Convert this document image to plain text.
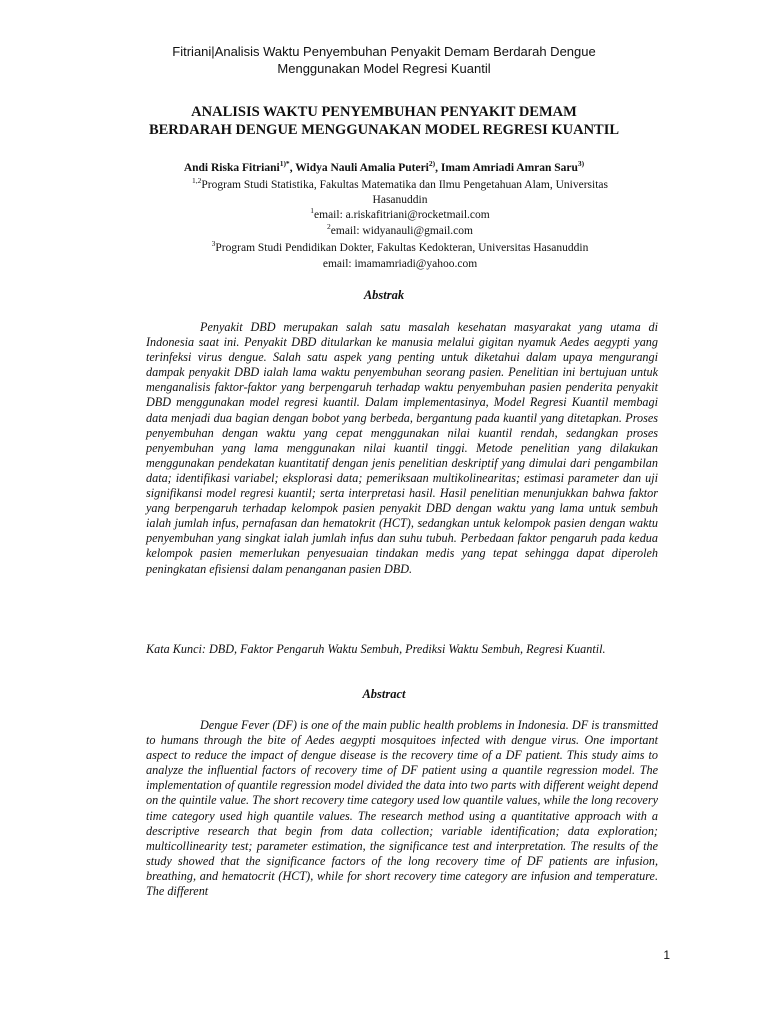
Fitriani|Analisis Waktu Penyembuhan Penyakit Demam Berdarah Dengue
Menggunakan Model Regresi Kuantil
ANALISIS WAKTU PENYEMBUHAN PENYAKIT DEMAM
BERDARAH DENGUE MENGGUNAKAN MODEL REGRESI KUANTIL
Andi Riska Fitriani$^{1)*}$, Widya Nauli Amalia Puteri$^{2)}$, Imam Amriadi Amran Saru$^{3)}$
$^{1,2}$Program Studi Statistika, Fakultas Matematika dan Ilmu Pengetahuan Alam, Universitas
Hasanuddin
$^1$email: a.riskafitriani@rocketmail.com
$^2$email: widyanauli@gmail.com
$^3$Program Studi Pendidikan Dokter, Fakultas Kedokteran, Universitas Hasanuddin
email: imamamriadi@yahoo.com
Abstrak

Penyakit DBD merupakan salah satu masalah kesehatan masyarakat yang utama di Indonesia saat ini. Penyakit DBD ditularkan ke manusia melalui gigitan nyamuk Aedes aegypti yang terinfeksi virus dengue. Salah satu aspek yang penting untuk diketahui dalam upaya mengurangi dampak penyakit DBD ialah lama waktu penyembuhan seorang pasien. Penelitian ini bertujuan untuk menganalisis faktor-faktor yang berpengaruh terhadap waktu penyembuhan pasien penderita penyakit DBD menggunakan model regresi kuantil. Dalam implementasinya, Model Regresi Kuantil membagi data menjadi dua bagian dengan bobot yang berbeda, bergantung pada kuantil yang ditetapkan. Proses penyembuhan dengan waktu yang cepat menggunakan nilai kuantil rendah, sedangkan proses penyembuhan yang lama menggunakan nilai kuantil tinggi. Metode penelitian yang dilakukan menggunakan pendekatan kuantitatif dengan jenis penelitian deskriptif yang dimulai dari pengambilan data; identifikasi variabel; eksplorasi data; pemeriksaan multikolinearitas; estimasi parameter dan uji signifikansi model regresi kuantil; serta interpretasi hasil. Hasil penelitian menunjukkan bahwa faktor yang berpengaruh terhadap kelompok pasien penyakit DBD dengan waktu yang lama untuk sembuh ialah jumlah infus, pernafasan dan hematokrit (HCT), sedangkan untuk kelompok pasien dengan waktu penyembuhan yang singkat ialah jumlah infus dan suhu tubuh. Perbedaan faktor pengaruh pada kedua kelompok pasien memerlukan penyesuaian tindakan medis yang tepat sehingga dapat diperoleh peningkatan efisiensi dalam penanganan pasien DBD.

Kata Kunci: DBD, Faktor Pengaruh Waktu Sembuh, Prediksi Waktu Sembuh, Regresi Kuantil.

Abstract

Dengue Fever (DF) is one of the main public health problems in Indonesia. DF is transmitted to humans through the bite of Aedes aegypti mosquitoes infected with dengue virus. One important aspect to reduce the impact of dengue disease is the recovery time of a DF patient. This study aims to analyze the influential factors of recovery time of DF patient using a quantile regression model. The implementation of quantile regression model divided the data into two parts with different weight depend on the quintile value. The short recovery time category used low quantile values, while the long recovery time category used high quantile values. The research method using a quantitative approach with a descriptive research that begin from data collection; variable identification; data exploration; multicollinearity test; parameter estimation, the significance test and interpretation. The results of the study showed that the significance factors of the long recovery time of DF patients are infusion, breathing, and hematocrit (HCT), while for short recovery time category are infusion and temperature. The different

1
